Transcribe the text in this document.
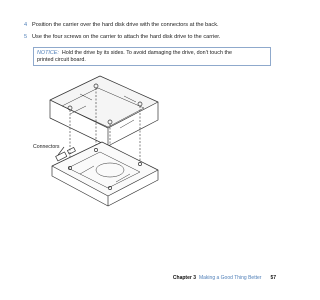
4 Position the carrier over the hard disk drive with the connectors at the back.
5 Use the four screws on the carrier to attach the hard disk drive to the carrier.
NOTICE: Hold the drive by its sides. To avoid damaging the drive, don’t touch the
printed circuit board.
Connectors
Chapter 3 Making a Good Thing Better 57
